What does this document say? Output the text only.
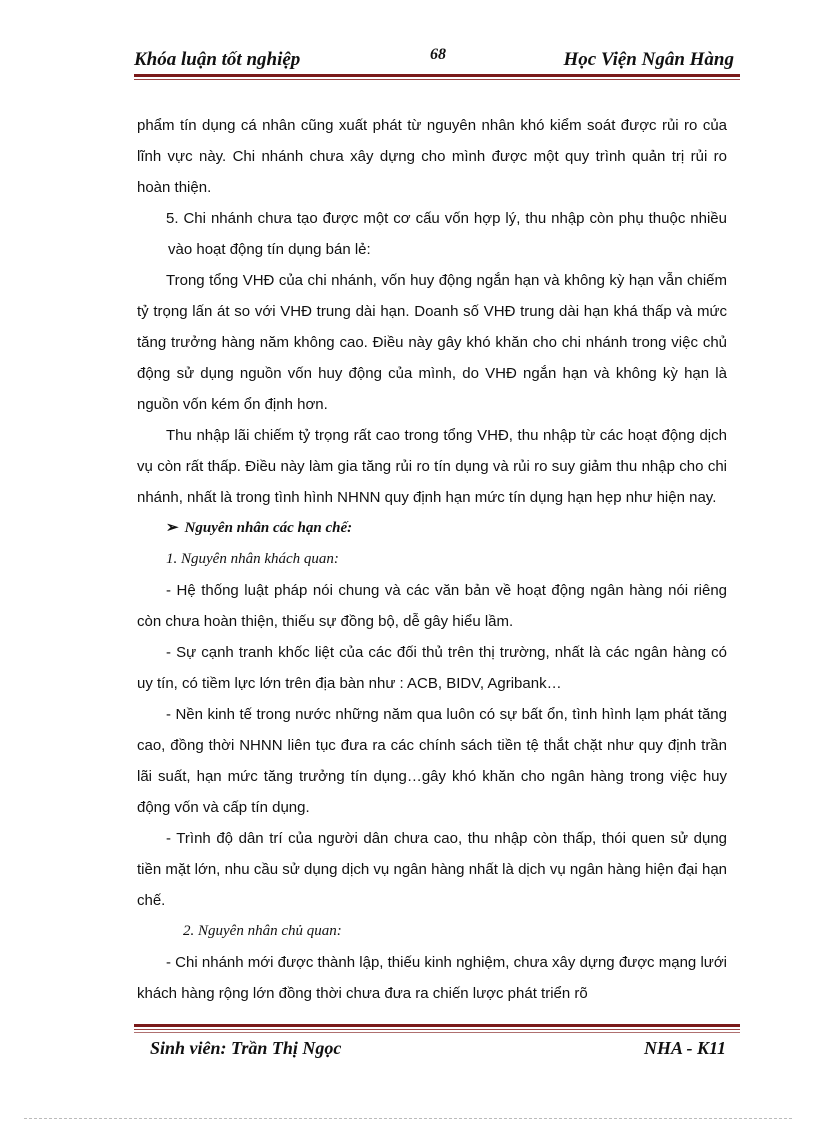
Khóa luận tốt nghiệp	68	Học Viện Ngân Hàng

phẩm tín dụng cá nhân cũng xuất phát từ nguyên nhân khó kiểm soát được rủi ro của lĩnh vực này. Chi nhánh chưa xây dựng cho mình được một quy trình quản trị rủi ro hoàn thiện.

5. Chi nhánh chưa tạo được một cơ cấu vốn hợp lý, thu nhập còn phụ thuộc nhiều vào hoạt động tín dụng bán lẻ:

Trong tổng VHĐ của chi nhánh, vốn huy động ngắn hạn và không kỳ hạn vẫn chiếm tỷ trọng lấn át so với VHĐ trung dài hạn. Doanh số VHĐ trung dài hạn khá thấp và mức tăng trưởng hàng năm không cao. Điều này gây khó khăn cho chi nhánh trong việc chủ động sử dụng nguồn vốn huy động của mình, do VHĐ ngắn hạn và không kỳ hạn là nguồn vốn kém ổn định hơn.

Thu nhập lãi chiếm tỷ trọng rất cao trong tổng VHĐ, thu nhập từ các hoạt động dịch vụ còn rất thấp. Điều này làm gia tăng rủi ro tín dụng và rủi ro suy giảm thu nhập cho chi nhánh, nhất là trong tình hình NHNN quy định hạn mức tín dụng hạn hẹp như hiện nay.

➢ Nguyên nhân các hạn chế:

1. Nguyên nhân khách quan:

- Hệ thống luật pháp nói chung và các văn bản về hoạt động ngân hàng nói riêng còn chưa hoàn thiện, thiếu sự đồng bộ, dễ gây hiểu lầm.

- Sự cạnh tranh khốc liệt của các đối thủ trên thị trường, nhất là các ngân hàng có uy tín, có tiềm lực lớn trên địa bàn như : ACB, BIDV, Agribank…

- Nền kinh tế trong nước những năm qua luôn có sự bất ổn, tình hình lạm phát tăng cao, đồng thời NHNN liên tục đưa ra các chính sách tiền tệ thắt chặt như quy định trần lãi suất, hạn mức tăng trưởng tín dụng…gây khó khăn cho ngân hàng trong việc huy động vốn và cấp tín dụng.

- Trình độ dân trí của người dân chưa cao, thu nhập còn thấp, thói quen sử dụng tiền mặt lớn, nhu cầu sử dụng dịch vụ ngân hàng nhất là dịch vụ ngân hàng hiện đại hạn chế.

2. Nguyên nhân chủ quan:

- Chi nhánh mới được thành lập, thiếu kinh nghiệm, chưa xây dựng được mạng lưới khách hàng rộng lớn đồng thời chưa đưa ra chiến lược phát triển rõ

Sinh viên: Trần Thị Ngọc	NHA - K11
